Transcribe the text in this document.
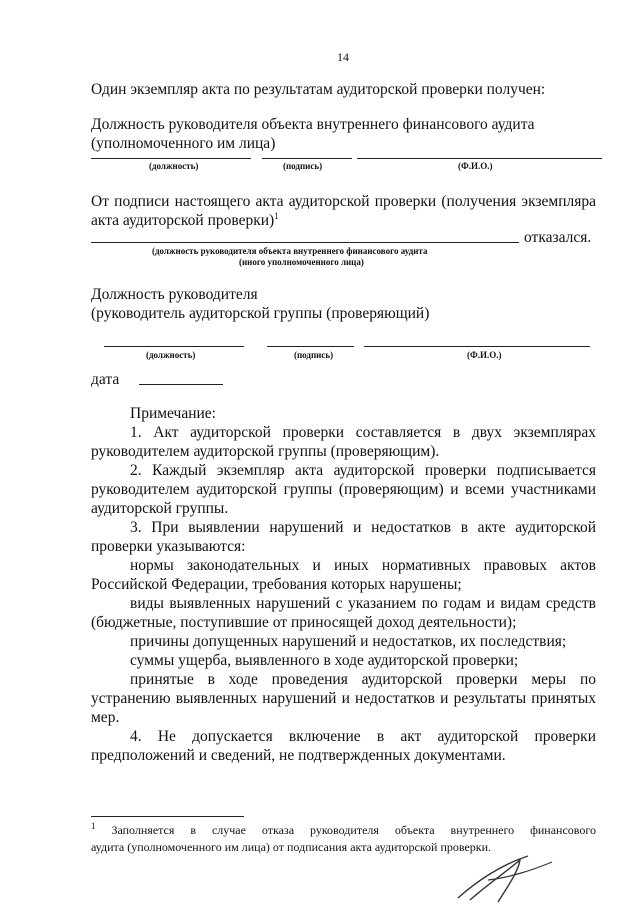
14
Один экземпляр акта по результатам аудиторской проверки получен:
Должность руководителя объекта внутреннего финансового аудита
(уполномоченного им лица)
(должность)	(подпись)	(Ф.И.О.)
От подписи настоящего акта аудиторской проверки (получения экземпляра
акта аудиторской проверки)$^1$
отказался.
(должность руководителя объекта внутреннего финансового аудита
(иного уполномоченного лица)
Должность руководителя
(руководитель аудиторской группы (проверяющий)
(должность)	(подпись)	(Ф.И.О.)
дата
Примечание:
1. Акт аудиторской проверки составляется в двух экземплярах
руководителем аудиторской группы (проверяющим).
2. Каждый экземпляр акта аудиторской проверки подписывается
руководителем аудиторской группы (проверяющим) и всеми участниками
аудиторской группы.
3. При выявлении нарушений и недостатков в акте аудиторской
проверки указываются:
нормы законодательных и иных нормативных правовых актов
Российской Федерации, требования которых нарушены;
виды выявленных нарушений с указанием по годам и видам средств
(бюджетные, поступившие от приносящей доход деятельности);
причины допущенных нарушений и недостатков, их последствия;
суммы ущерба, выявленного в ходе аудиторской проверки;
принятые в ходе проведения аудиторской проверки меры по
устранению выявленных нарушений и недостатков и результаты принятых
мер.
4. Не допускается включение в акт аудиторской проверки
предположений и сведений, не подтвержденных документами.
$^1$ Заполняется в случае отказа руководителя объекта внутреннего финансового
аудита (уполномоченного им лица) от подписания акта аудиторской проверки.
